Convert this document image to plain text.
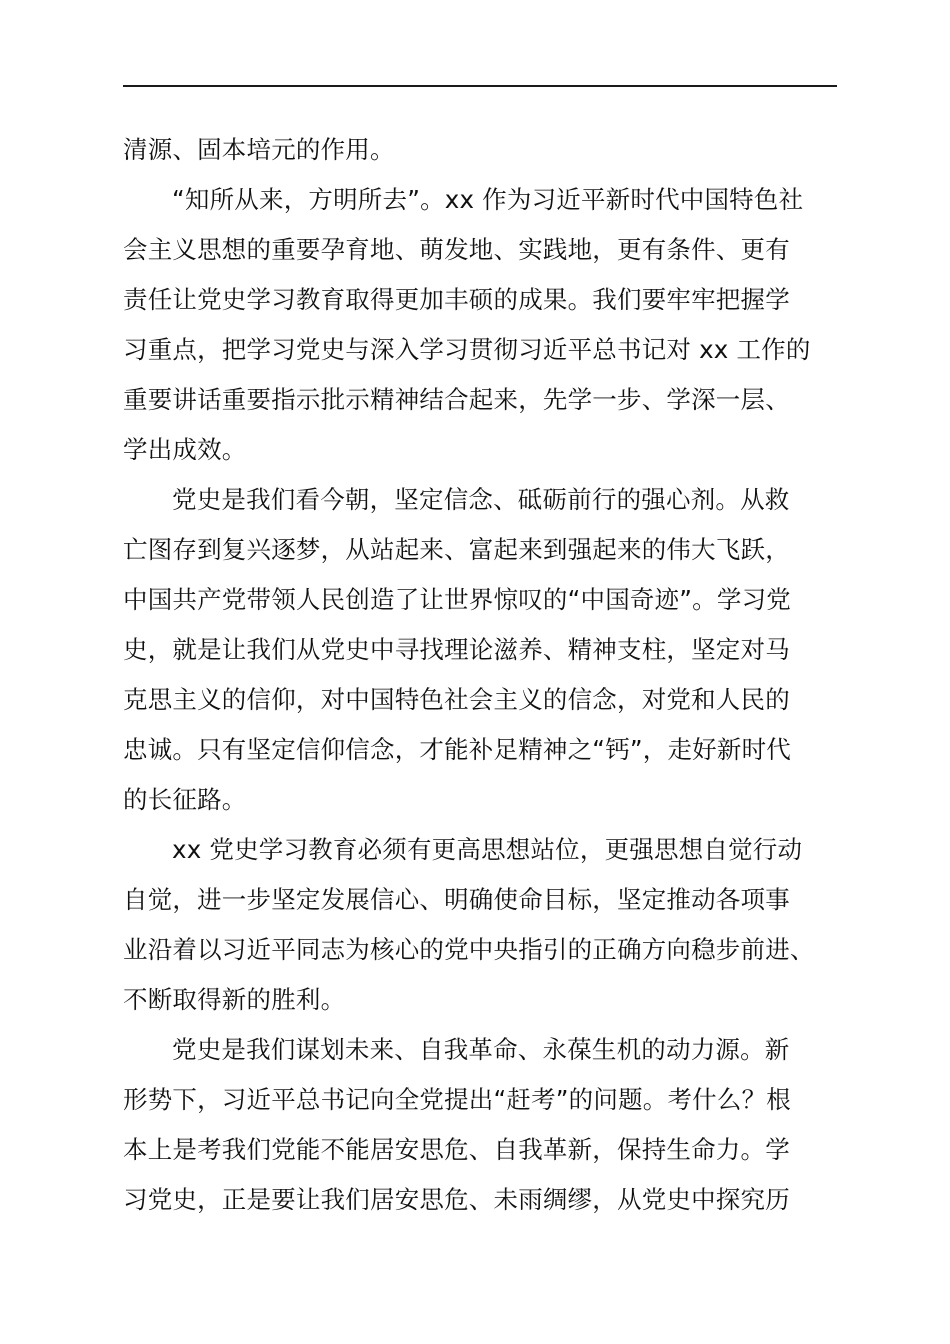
清源、固本培元的作用。
“知所从来，方明所去”。xx 作为习近平新时代中国特色社
会主义思想的重要孕育地、萌发地、实践地，更有条件、更有
责任让党史学习教育取得更加丰硕的成果。我们要牢牢把握学
习重点，把学习党史与深入学习贯彻习近平总书记对 xx 工作的
重要讲话重要指示批示精神结合起来，先学一步、学深一层、
学出成效。
党史是我们看今朝，坚定信念、砥砺前行的强心剂。从救
亡图存到复兴逐梦，从站起来、富起来到强起来的伟大飞跃，
中国共产党带领人民创造了让世界惊叹的“中国奇迹”。学习党
史，就是让我们从党史中寻找理论滋养、精神支柱，坚定对马
克思主义的信仰，对中国特色社会主义的信念，对党和人民的
忠诚。只有坚定信仰信念，才能补足精神之“钙”，走好新时代
的长征路。
xx 党史学习教育必须有更高思想站位，更强思想自觉行动
自觉，进一步坚定发展信心、明确使命目标，坚定推动各项事
业沿着以习近平同志为核心的党中央指引的正确方向稳步前进、
不断取得新的胜利。
党史是我们谋划未来、自我革命、永葆生机的动力源。新
形势下，习近平总书记向全党提出“赶考”的问题。考什么？根
本上是考我们党能不能居安思危、自我革新，保持生命力。学
习党史，正是要让我们居安思危、未雨绸缪，从党史中探究历
